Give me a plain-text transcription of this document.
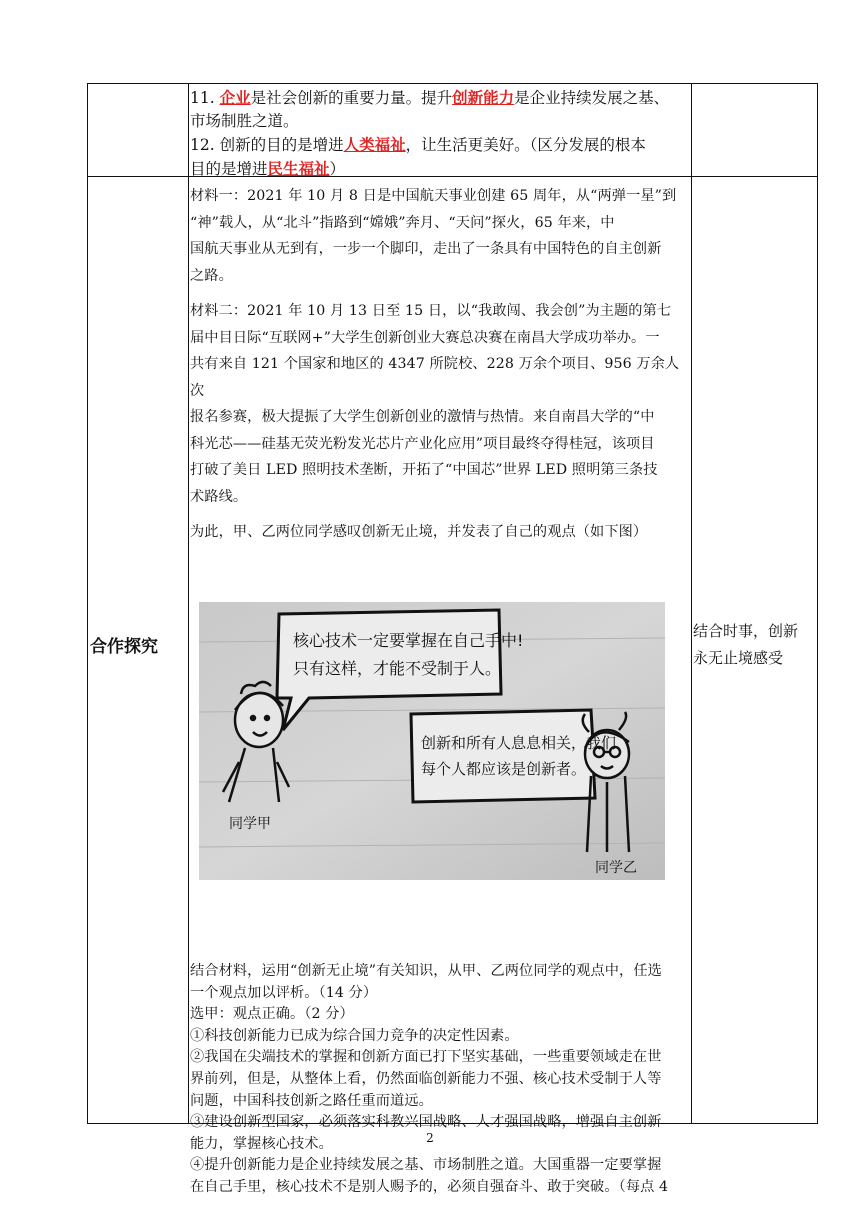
11. 企业是社会创新的重要力量。提升创新能力是企业持续发展之基、

市场制胜之道。

12. 创新的目的是增进人类福祉，让生活更美好。（区分发展的根本

目的是增进民生福祉）

合作探究
结合时事，创新
永无止境感受

材料一：2021 年 10 月 8 日是中国航天事业创建 65 周年，从“两弹一星”到

“神”载人，从“北斗”指路到“嫦娥”奔月、“天问”探火，65 年来，中

国航天事业从无到有，一步一个脚印，走出了一条具有中国特色的自主创新

之路。

材料二：2021 年 10 月 13 日至 15 日，以“我敢闯、我会创”为主题的第七

届中目日际“互联网+”大学生创新创业大赛总决赛在南昌大学成功举办。一

共有来自 121 个国家和地区的 4347 所院校、228 万余个项目、956 万余人次

报名参赛，极大提振了大学生创新创业的激情与热情。来自南昌大学的“中

科光芯——硅基无荧光粉发光芯片产业化应用”项目最终夺得桂冠，该项目

打破了美日 LED 照明技术垄断，开拓了“中国芯”世界 LED 照明第三条技

术路线。

为此，甲、乙两位同学感叹创新无止境，并发表了自己的观点（如下图）

核心技术一定要掌握在自己手中! 只有这样，才能不受制于人。
创新和所有人息息相关，我们 每个人都应该是创新者。
同学甲
同学乙

结合材料，运用“创新无止境”有关知识，从甲、乙两位同学的观点中，任选

一个观点加以评析。（14 分）

选甲：观点正确。（2 分）

①科技创新能力已成为综合国力竞争的决定性因素。

②我国在尖端技术的掌握和创新方面已打下坚实基础，一些重要领域走在世

界前列，但是，从整体上看，仍然面临创新能力不强、核心技术受制于人等

问题，中国科技创新之路任重而道远。

③建设创新型国家，必须落实科教兴国战略、人才强国战略，增强自主创新

能力，掌握核心技术。

④提升创新能力是企业持续发展之基、市场制胜之道。大国重器一定要掌握

在自己手里，核心技术不是别人赐予的，必须自强奋斗、敢于突破。（每点 4

2
